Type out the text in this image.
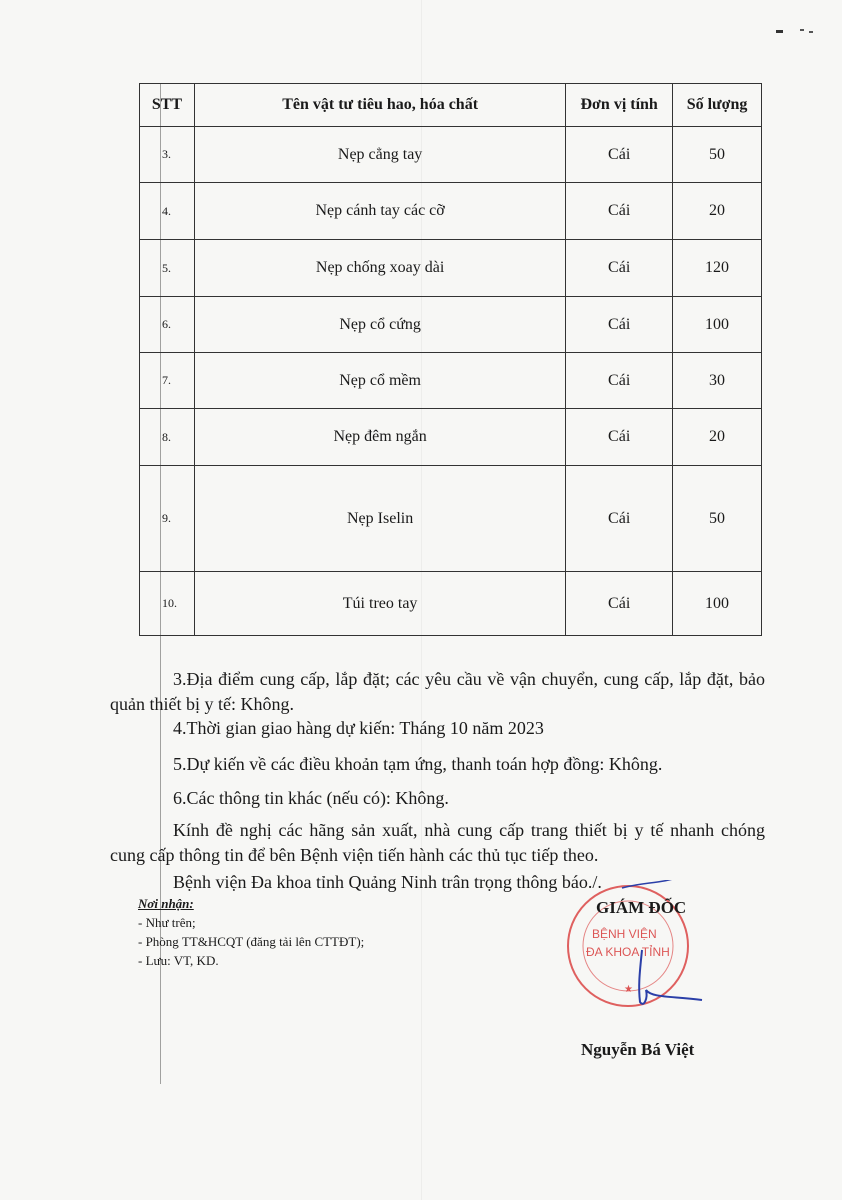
STT	Tên vật tư tiêu hao, hóa chất	Đơn vị tính	Số lượng
3.	Nẹp cẳng tay	Cái	50
4.	Nẹp cánh tay các cỡ	Cái	20
5.	Nẹp chống xoay dài	Cái	120
6.	Nẹp cổ cứng	Cái	100
7.	Nẹp cổ mềm	Cái	30
8.	Nẹp đêm ngắn	Cái	20
9.	Nẹp Iselin	Cái	50
10.	Túi treo tay	Cái	100

3.Địa điểm cung cấp, lắp đặt; các yêu cầu về vận chuyển, cung cấp, lắp đặt, bảo quản thiết bị y tế: Không.

4.Thời gian giao hàng dự kiến: Tháng 10 năm 2023

5.Dự kiến về các điều khoản tạm ứng, thanh toán hợp đồng: Không.

6.Các thông tin khác (nếu có): Không.

Kính đề nghị các hãng sản xuất, nhà cung cấp trang thiết bị y tế nhanh chóng cung cấp thông tin để bên Bệnh viện tiến hành các thủ tục tiếp theo.

Bệnh viện Đa khoa tỉnh Quảng Ninh trân trọng thông báo./.

Nơi nhận:
- Như trên;
- Phòng TT&HCQT (đăng tải lên CTTĐT);
- Lưu: VT, KD.
BỆNH VIỆN
ĐA KHOA TỈNH
★
GIÁM ĐỐC
Nguyễn Bá Việt
